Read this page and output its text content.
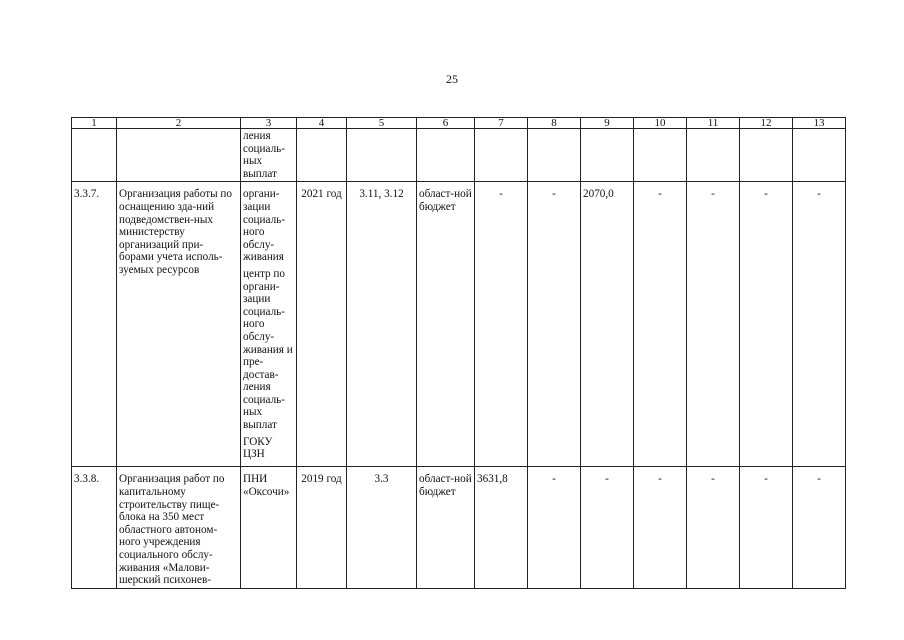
25
1	2	3	4	5	6	7	8	9	10	11	12	13
		ления социаль-ных выплат										
3.3.7.	Организация работы по оснащению зда-ний подведомствен-ных министерству организаций при-борами учета исполь-зуемых ресурсов	органи-зации социаль-ного обслу-живания
центр по органи-зации социаль-ного обслу-живания и пре-достав-ления социаль-ных выплат
ГОКУ ЦЗН	2021 год	3.11, 3.12	област-ной бюджет	-	-	2070,0	-	-	-	-
3.3.8.	Организация работ по капитальному строительству пище-блока на 350 мест областного автоном-ного учреждения социального обслу-живания «Малови-шерский психонев-	ПНИ «Оксочи»	2019 год	3.3	област-ной бюджет	3631,8	-	-	-	-	-	-
